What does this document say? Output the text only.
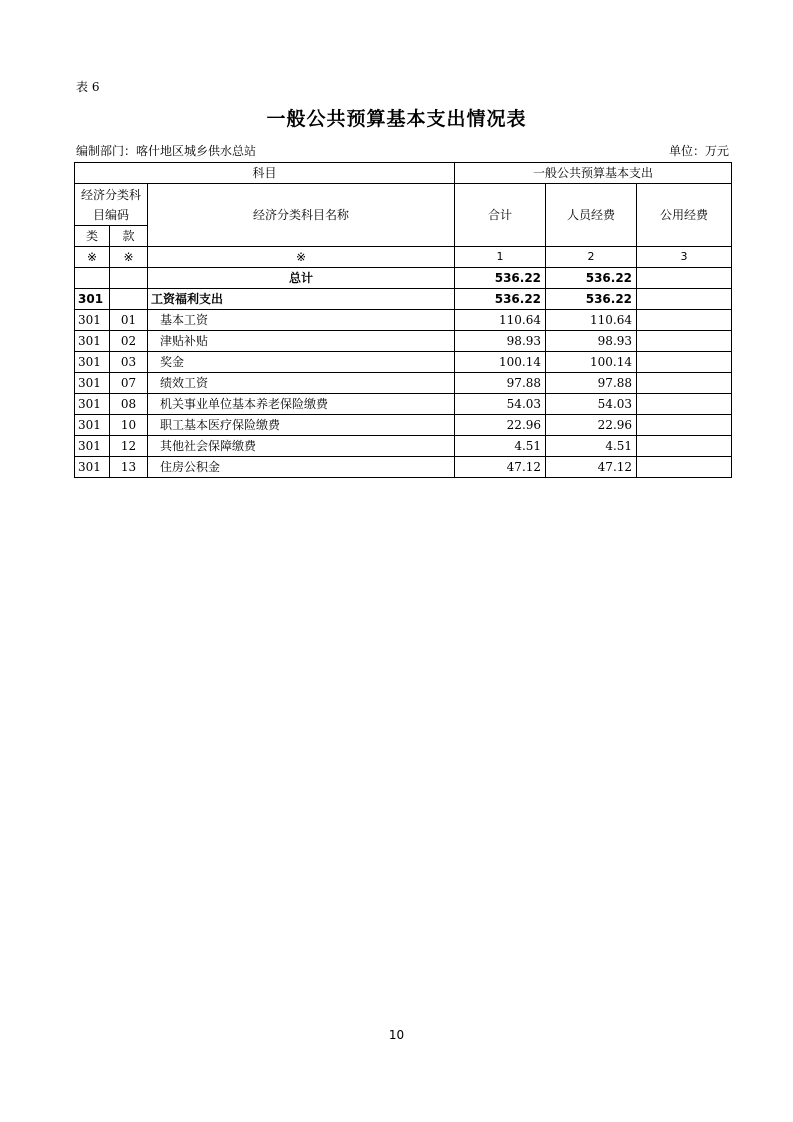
表 6
一般公共预算基本支出情况表
编制部门：喀什地区城乡供水总站	单位：万元
科目			一般公共预算基本支出		
经济分类科目编码		经济分类科目名称	合计	人员经费	公用经费
类	款				
※	※	※	1	2	3
		总计	536.22	536.22	
301		工资福利支出	536.22	536.22	
301	01	基本工资	110.64	110.64	
301	02	津贴补贴	98.93	98.93	
301	03	奖金	100.14	100.14	
301	07	绩效工资	97.88	97.88	
301	08	机关事业单位基本养老保险缴费	54.03	54.03	
301	10	职工基本医疗保险缴费	22.96	22.96	
301	12	其他社会保障缴费	4.51	4.51	
301	13	住房公积金	47.12	47.12	
10
